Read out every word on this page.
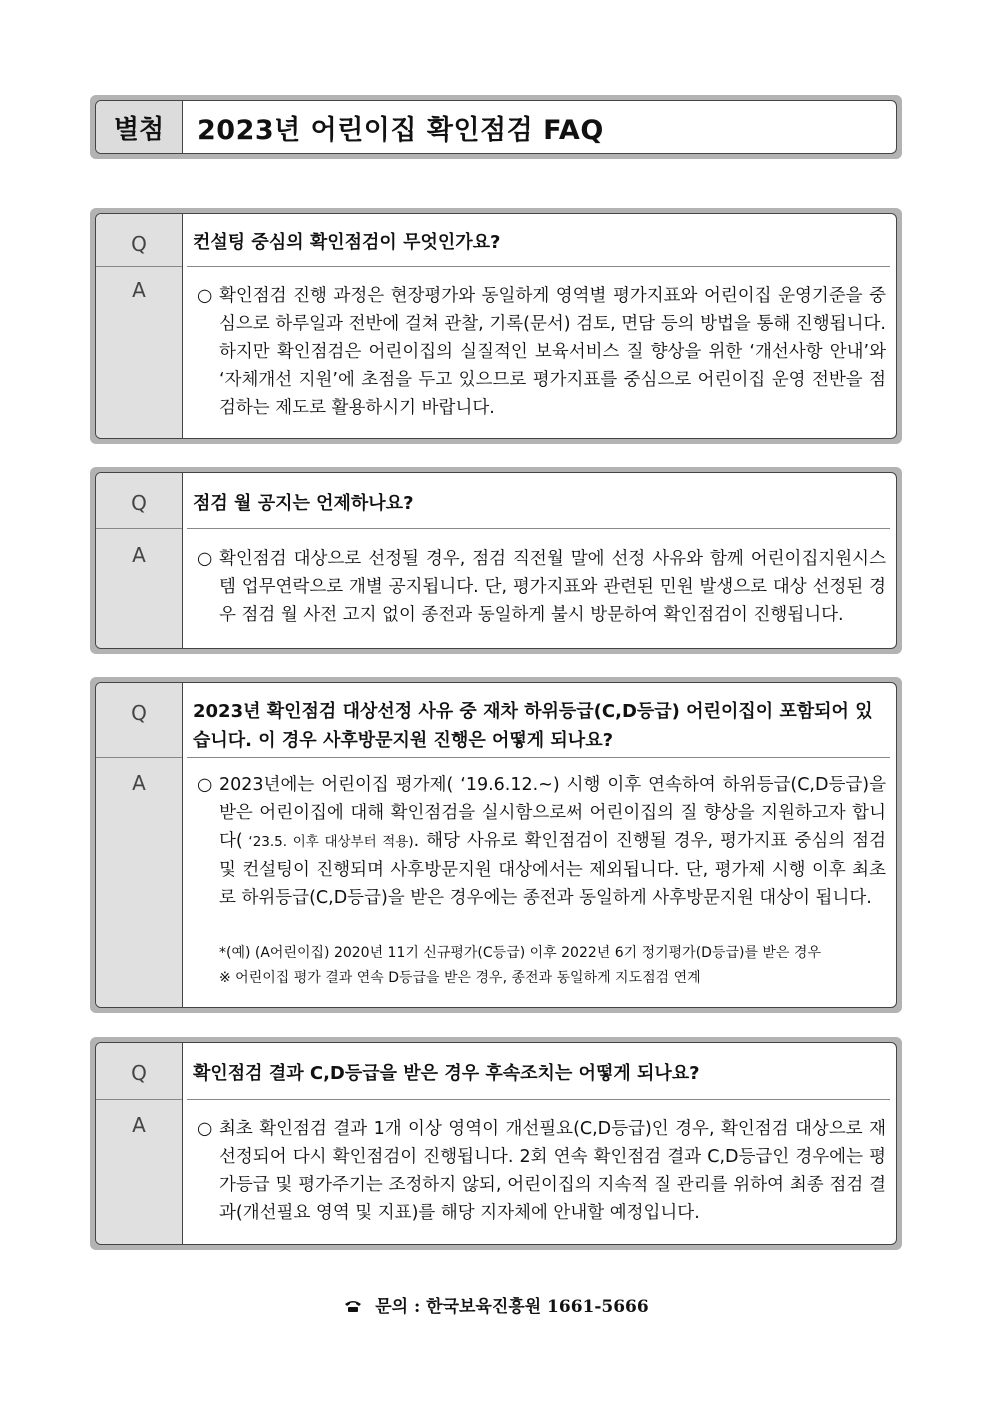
별첨	2023년 어린이집 확인점검 FAQ
Q
A
컨설팅 중심의 확인점검이 무엇인가요?
○ 확인점검 진행 과정은 현장평가와 동일하게 영역별 평가지표와 어린이집 운영기준을 중심으로 하루일과 전반에 걸쳐 관찰, 기록(문서) 검토, 면담 등의 방법을 통해 진행됩니다. 하지만 확인점검은 어린이집의 실질적인 보육서비스 질 향상을 위한 ‘개선사항 안내’와 ‘자체개선 지원’에 초점을 두고 있으므로 평가지표를 중심으로 어린이집 운영 전반을 점검하는 제도로 활용하시기 바랍니다.
Q
A
점검 월 공지는 언제하나요?
○ 확인점검 대상으로 선정될 경우, 점검 직전월 말에 선정 사유와 함께 어린이집지원시스템 업무연락으로 개별 공지됩니다. 단, 평가지표와 관련된 민원 발생으로 대상 선정된 경우 점검 월 사전 고지 없이 종전과 동일하게 불시 방문하여 확인점검이 진행됩니다.
Q
A
2023년 확인점검 대상선정 사유 중 재차 하위등급(C,D등급) 어린이집이 포함되어 있습니다. 이 경우 사후방문지원 진행은 어떻게 되나요?
○ 2023년에는 어린이집 평가제( ‘19.6.12.~) 시행 이후 연속하여 하위등급(C,D등급)을 받은 어린이집에 대해 확인점검을 실시함으로써 어린이집의 질 향상을 지원하고자 합니다( ‘23.5. 이후 대상부터 적용). 해당 사유로 확인점검이 진행될 경우, 평가지표 중심의 점검 및 컨설팅이 진행되며 사후방문지원 대상에서는 제외됩니다. 단, 평가제 시행 이후 최초로 하위등급(C,D등급)을 받은 경우에는 종전과 동일하게 사후방문지원 대상이 됩니다.
*(예) (A어린이집) 2020년 11기 신규평가(C등급) 이후 2022년 6기 정기평가(D등급)를 받은 경우
※ 어린이집 평가 결과 연속 D등급을 받은 경우, 종전과 동일하게 지도점검 연계
Q
A
확인점검 결과 C,D등급을 받은 경우 후속조치는 어떻게 되나요?
○ 최초 확인점검 결과 1개 이상 영역이 개선필요(C,D등급)인 경우, 확인점검 대상으로 재선정되어 다시 확인점검이 진행됩니다. 2회 연속 확인점검 결과 C,D등급인 경우에는 평가등급 및 평가주기는 조정하지 않되, 어린이집의 지속적 질 관리를 위하여 최종 점검 결과(개선필요 영역 및 지표)를 해당 지자체에 안내할 예정입니다.
문의 : 한국보육진흥원 1661-5666
